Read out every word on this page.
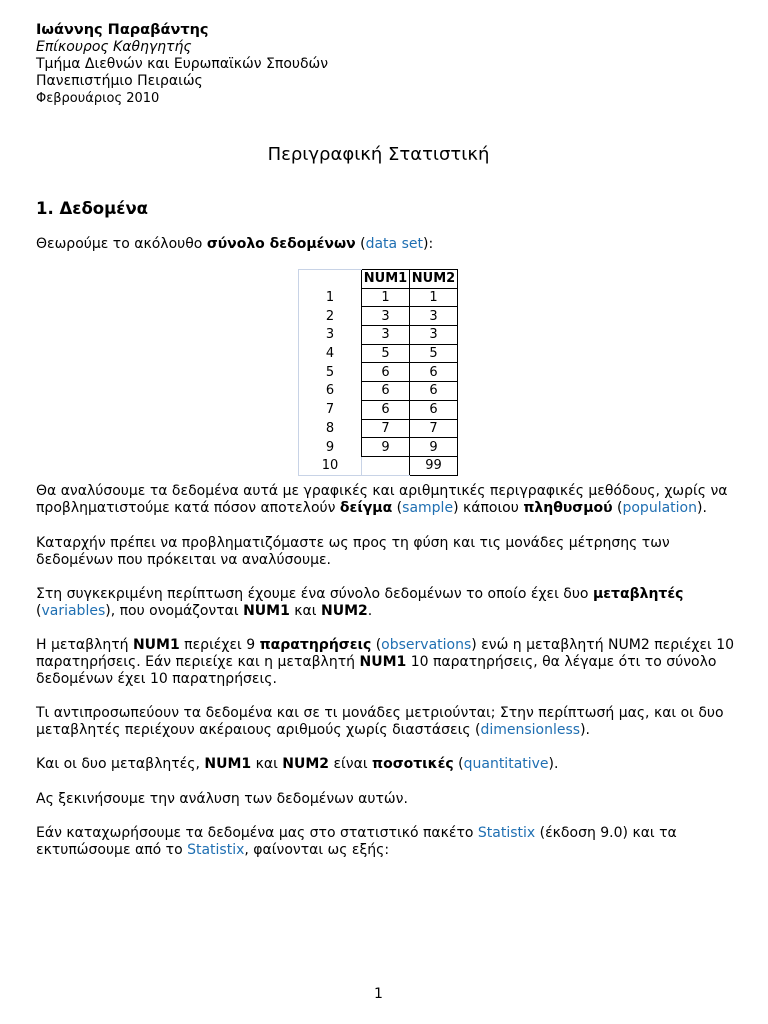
Ιωάννης Παραβάντης
Επίκουρος Καθηγητής
Τμήμα Διεθνών και Ευρωπαϊκών Σπουδών
Πανεπιστήμιο Πειραιώς
Φεβρουάριος 2010
Περιγραφική Στατιστική
1. Δεδομένα
Θεωρούμε το ακόλουθο σύνολο δεδομένων (data set):
	NUM1	NUM2
1	1	1
2	3	3
3	3	3
4	5	5
5	6	6
6	6	6
7	6	6
8	7	7
9	9	9
10		99
Θα αναλύσουμε τα δεδομένα αυτά με γραφικές και αριθμητικές περιγραφικές μεθόδους, χωρίς να προβληματιστούμε κατά πόσον αποτελούν δείγμα (sample) κάποιου πληθυσμού (population).
Καταρχήν πρέπει να προβληματιζόμαστε ως προς τη φύση και τις μονάδες μέτρησης των δεδομένων που πρόκειται να αναλύσουμε.
Στη συγκεκριμένη περίπτωση έχουμε ένα σύνολο δεδομένων το οποίο έχει δυο μεταβλητές (variables), που ονομάζονται NUM1 και NUM2.
Η μεταβλητή NUM1 περιέχει 9 παρατηρήσεις (observations) ενώ η μεταβλητή NUM2 περιέχει 10 παρατηρήσεις. Εάν περιείχε και η μεταβλητή NUM1 10 παρατηρήσεις, θα λέγαμε ότι το σύνολο δεδομένων έχει 10 παρατηρήσεις.
Τι αντιπροσωπεύουν τα δεδομένα και σε τι μονάδες μετριούνται; Στην περίπτωσή μας, και οι δυο μεταβλητές περιέχουν ακέραιους αριθμούς χωρίς διαστάσεις (dimensionless).
Και οι δυο μεταβλητές, NUM1 και NUM2 είναι ποσοτικές (quantitative).
Ας ξεκινήσουμε την ανάλυση των δεδομένων αυτών.
Εάν καταχωρήσουμε τα δεδομένα μας στο στατιστικό πακέτο Statistix (έκδοση 9.0) και τα εκτυπώσουμε από το Statistix, φαίνονται ως εξής:
1
